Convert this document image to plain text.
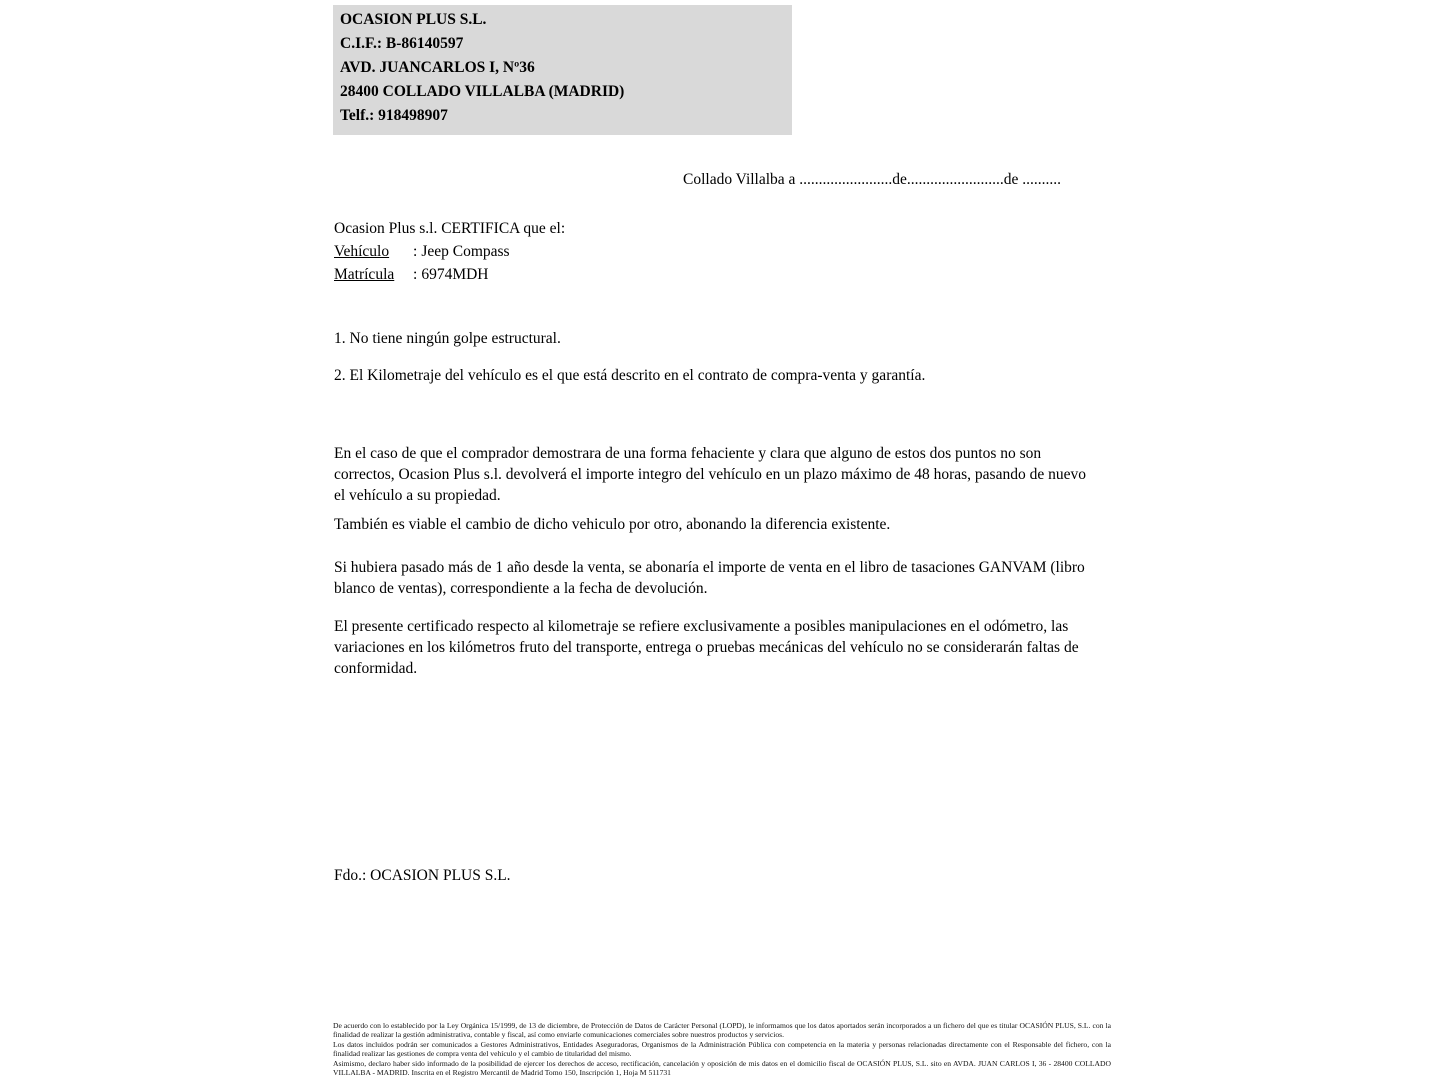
OCASION PLUS S.L.
C.I.F.: B-86140597
AVD. JUANCARLOS I, Nº36
28400 COLLADO VILLALBA (MADRID)
Telf.: 918498907
Collado Villalba a ........................de.........................de ..........
Ocasion Plus s.l. CERTIFICA que el:
Vehículo : Jeep Compass
Matrícula : 6974MDH
1. No tiene ningún golpe estructural.
2. El Kilometraje del vehículo es el que está descrito en el contrato de compra-venta y garantía.
En el caso de que el comprador demostrara de una forma fehaciente y clara que alguno de estos dos puntos no son correctos, Ocasion Plus s.l. devolverá el importe integro del vehículo en un plazo máximo de 48 horas, pasando de nuevo el vehículo a su propiedad.
También es viable el cambio de dicho vehiculo por otro, abonando la diferencia existente.
Si hubiera pasado más de 1 año desde la venta, se abonaría el importe de venta en el libro de tasaciones GANVAM (libro blanco de ventas), correspondiente a la fecha de devolución.
El presente certificado respecto al kilometraje se refiere exclusivamente a posibles manipulaciones en el odómetro, las variaciones en los kilómetros fruto del transporte, entrega o pruebas mecánicas del vehículo no se considerarán faltas de conformidad.
Fdo.: OCASION PLUS S.L.

De acuerdo con lo establecido por la Ley Orgánica 15/1999, de 13 de diciembre, de Protección de Datos de Carácter Personal (LOPD), le informamos que los datos aportados serán incorporados a un fichero del que es titular OCASIÓN PLUS, S.L. con la finalidad de realizar la gestión administrativa, contable y fiscal, así como enviarle comunicaciones comerciales sobre nuestros productos y servicios.

Los datos incluidos podrán ser comunicados a Gestores Administrativos, Entidades Aseguradoras, Organismos de la Administración Pública con competencia en la materia y personas relacionadas directamente con el Responsable del fichero, con la finalidad realizar las gestiones de compra venta del vehículo y el cambio de titularidad del mismo.

Asimismo, declaro haber sido informado de la posibilidad de ejercer los derechos de acceso, rectificación, cancelación y oposición de mis datos en el domicilio fiscal de OCASIÓN PLUS, S.L. sito en AVDA. JUAN CARLOS I, 36 - 28400 COLLADO VILLALBA - MADRID. Inscrita en el Registro Mercantil de Madrid Tomo 150, Inscripción 1, Hoja M 511731
